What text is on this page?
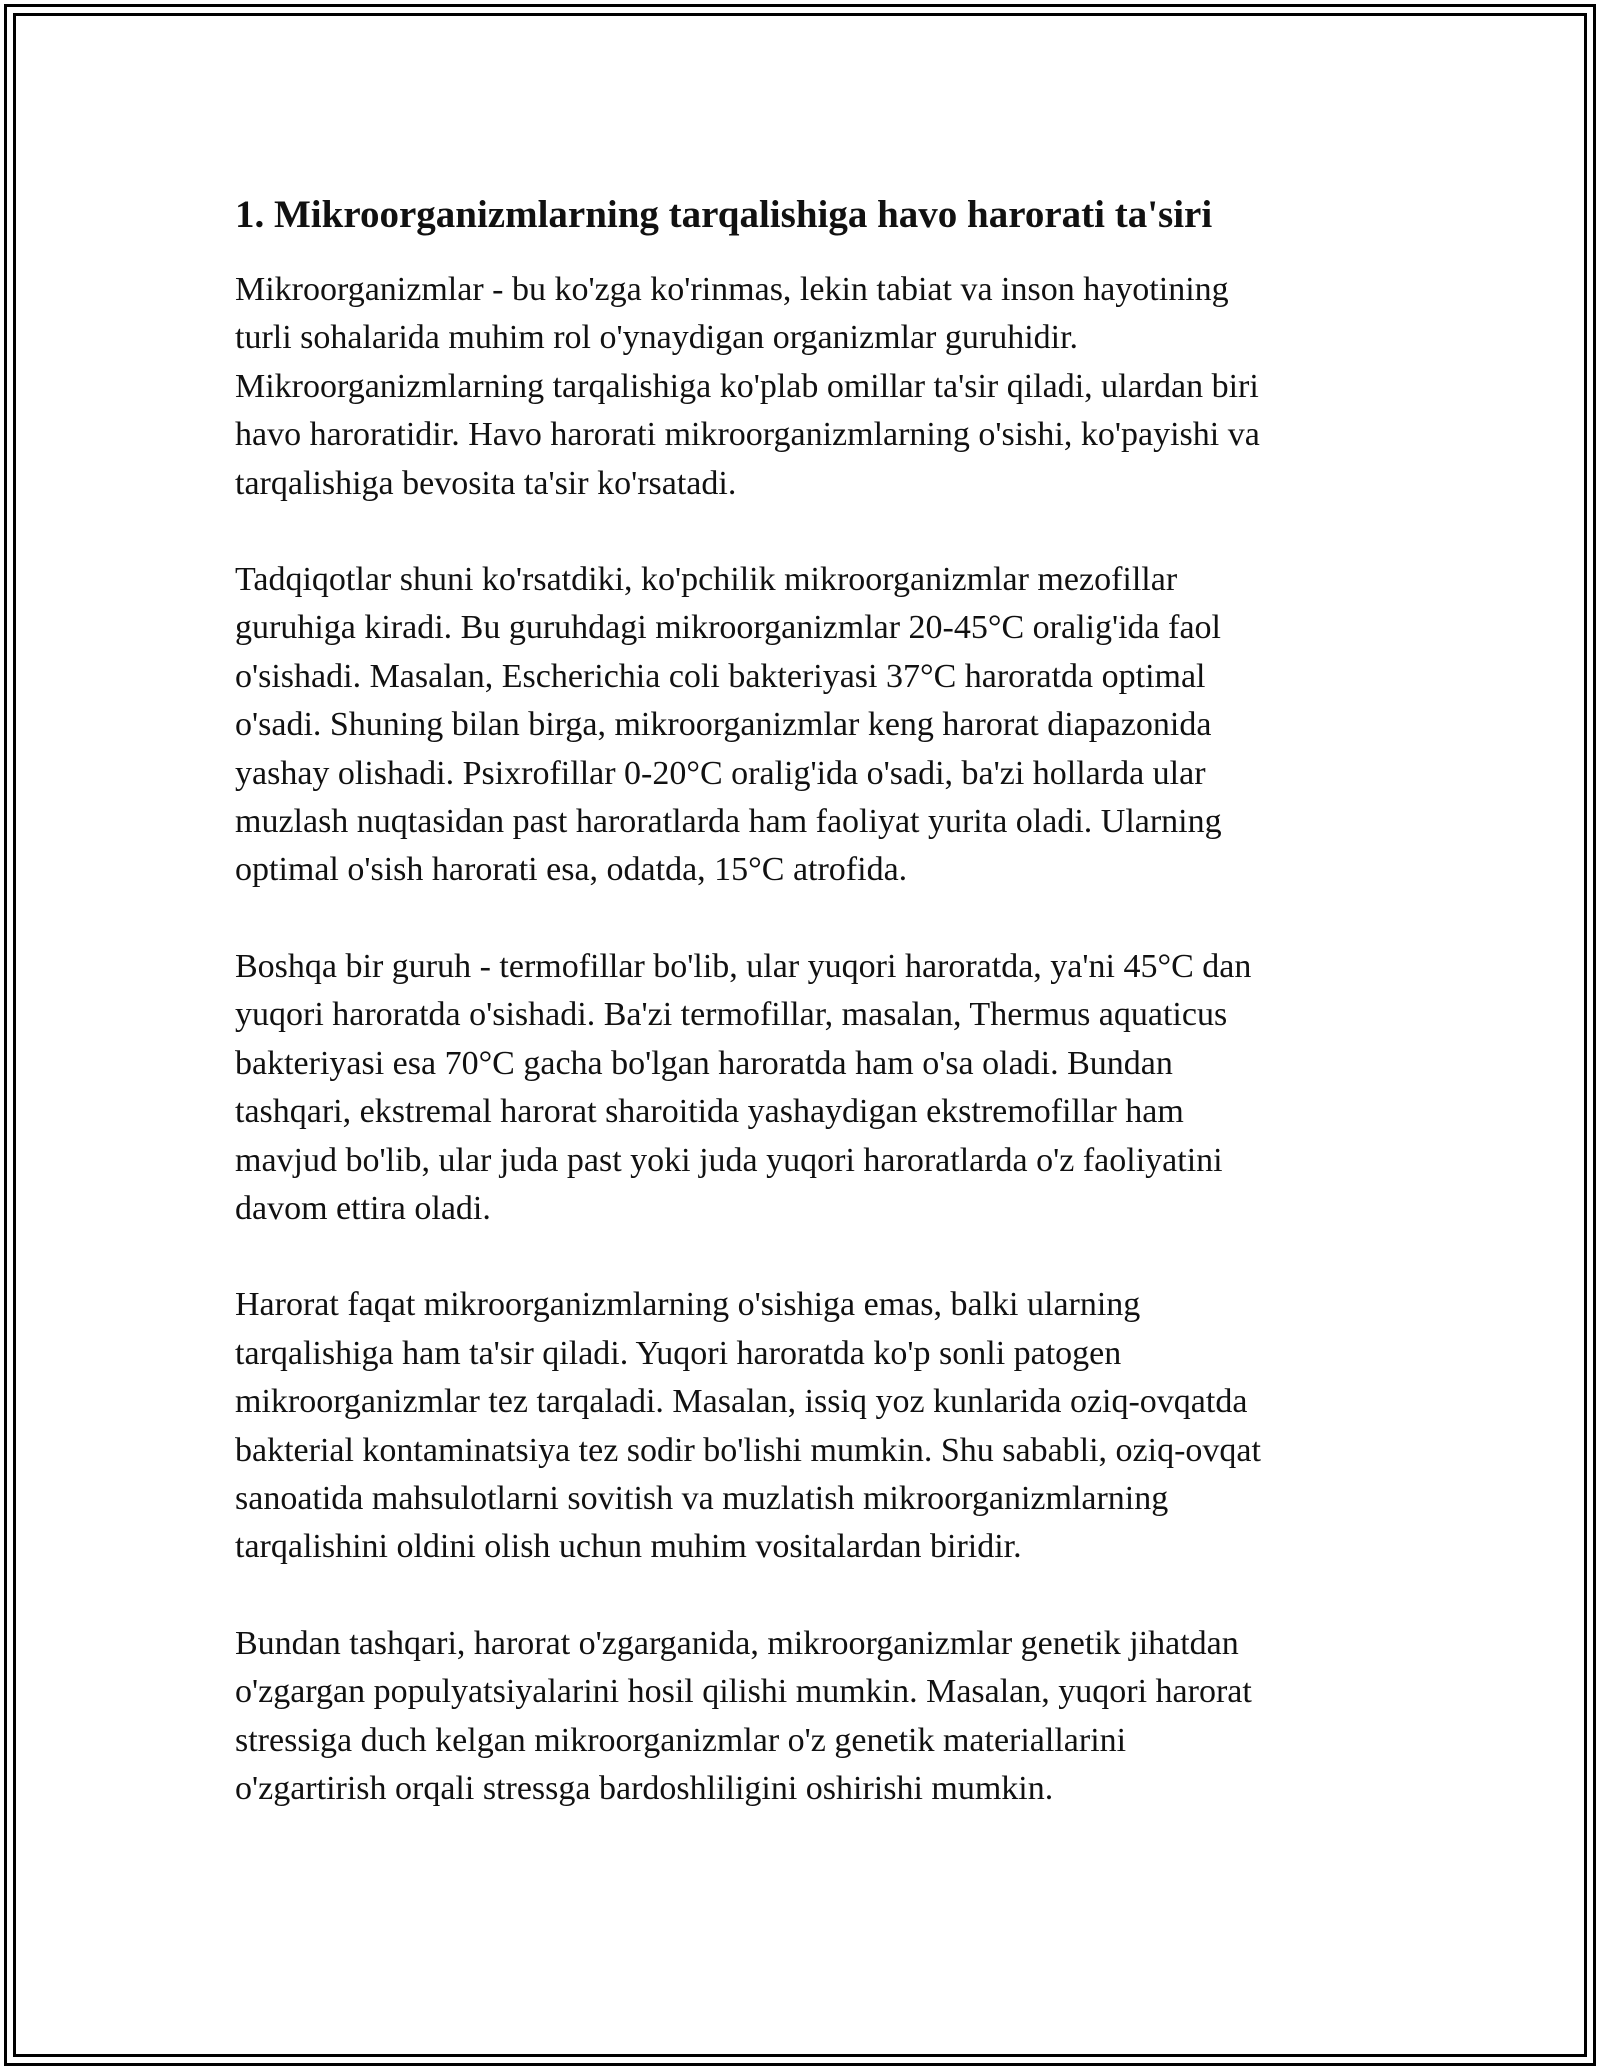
1. Mikroorganizmlarning tarqalishiga havo harorati ta'siri

Mikroorganizmlar - bu ko'zga ko'rinmas, lekin tabiat va inson hayotining
turli sohalarida muhim rol o'ynaydigan organizmlar guruhidir.
Mikroorganizmlarning tarqalishiga ko'plab omillar ta'sir qiladi, ulardan biri
havo haroratidir. Havo harorati mikroorganizmlarning o'sishi, ko'payishi va
tarqalishiga bevosita ta'sir ko'rsatadi.

Tadqiqotlar shuni ko'rsatdiki, ko'pchilik mikroorganizmlar mezofillar
guruhiga kiradi. Bu guruhdagi mikroorganizmlar 20-45°C oralig'ida faol
o'sishadi. Masalan, Escherichia coli bakteriyasi 37°C haroratda optimal
o'sadi. Shuning bilan birga, mikroorganizmlar keng harorat diapazonida
yashay olishadi. Psixrofillar 0-20°C oralig'ida o'sadi, ba'zi hollarda ular
muzlash nuqtasidan past haroratlarda ham faoliyat yurita oladi. Ularning
optimal o'sish harorati esa, odatda, 15°C atrofida.

Boshqa bir guruh - termofillar bo'lib, ular yuqori haroratda, ya'ni 45°C dan
yuqori haroratda o'sishadi. Ba'zi termofillar, masalan, Thermus aquaticus
bakteriyasi esa 70°C gacha bo'lgan haroratda ham o'sa oladi. Bundan
tashqari, ekstremal harorat sharoitida yashaydigan ekstremofillar ham
mavjud bo'lib, ular juda past yoki juda yuqori haroratlarda o'z faoliyatini
davom ettira oladi.

Harorat faqat mikroorganizmlarning o'sishiga emas, balki ularning
tarqalishiga ham ta'sir qiladi. Yuqori haroratda ko'p sonli patogen
mikroorganizmlar tez tarqaladi. Masalan, issiq yoz kunlarida oziq-ovqatda
bakterial kontaminatsiya tez sodir bo'lishi mumkin. Shu sababli, oziq-ovqat
sanoatida mahsulotlarni sovitish va muzlatish mikroorganizmlarning
tarqalishini oldini olish uchun muhim vositalardan biridir.

Bundan tashqari, harorat o'zgarganida, mikroorganizmlar genetik jihatdan
o'zgargan populyatsiyalarini hosil qilishi mumkin. Masalan, yuqori harorat
stressiga duch kelgan mikroorganizmlar o'z genetik materiallarini
o'zgartirish orqali stressga bardoshliligini oshirishi mumkin.
